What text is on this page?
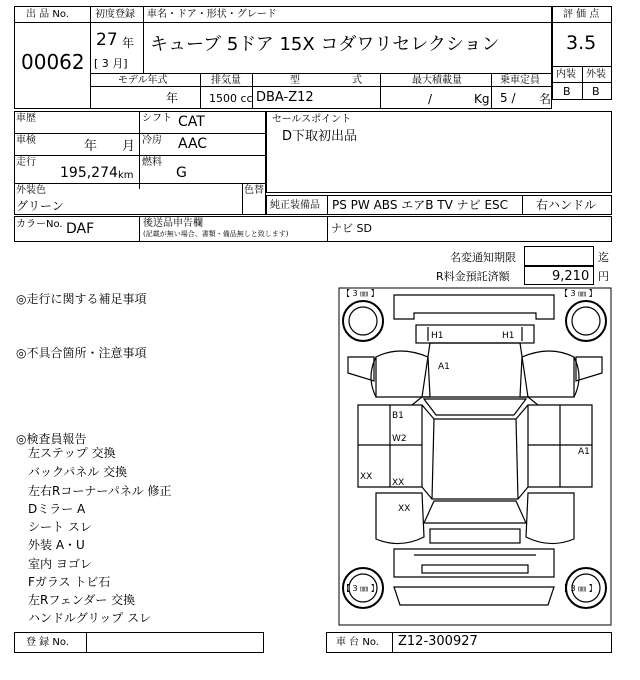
出 品 No.
00062
初度登録 車名・ドア・形状・グレード
27 年
[ 3 月]
キューブ 5ドア 15X コダワリセレクション
モデル年式	排気量	型	式	最大積載量	乗車定員
年	1500 cc DBA-Z12	/	Kg 5 / 名
評 価 点
3.5
内装 外装
B B
車歴	シフト CAT
車検	年 月 冷房 AAC
走行
195,274 km
燃料
G
外装色
グリーン
色替
セールスポイント
D下取初出品
純正装備品 PS PW ABS エアB TV ナビ ESC 右ハンドル
カラーNo. DAF	後送品申告欄
(記載が無い場合、書類・備品無しと致します)	ナビ SD
名変通知期限	迄
R料金預託済額	9,210 円
◎走行に関する補足事項
◎不具合箇所・注意事項
◎検査員報告
左ステップ 交換
バックパネル 交換
左右Rコーナーパネル 修正
Dミラー A
シート スレ
外装 A・U
室内 ヨゴレ
Fガラス トビ石
左Rフェンダー 交換
ハンドルグリップ スレ
【 3 ㎜ 】	【 3 ㎜ 】
【 3 ㎜ 】	【 3 ㎜ 】
H1	H1
A1
B1
W2
A1
XX
XX
XX
登 録 No.	車 台 No. Z12-300927
